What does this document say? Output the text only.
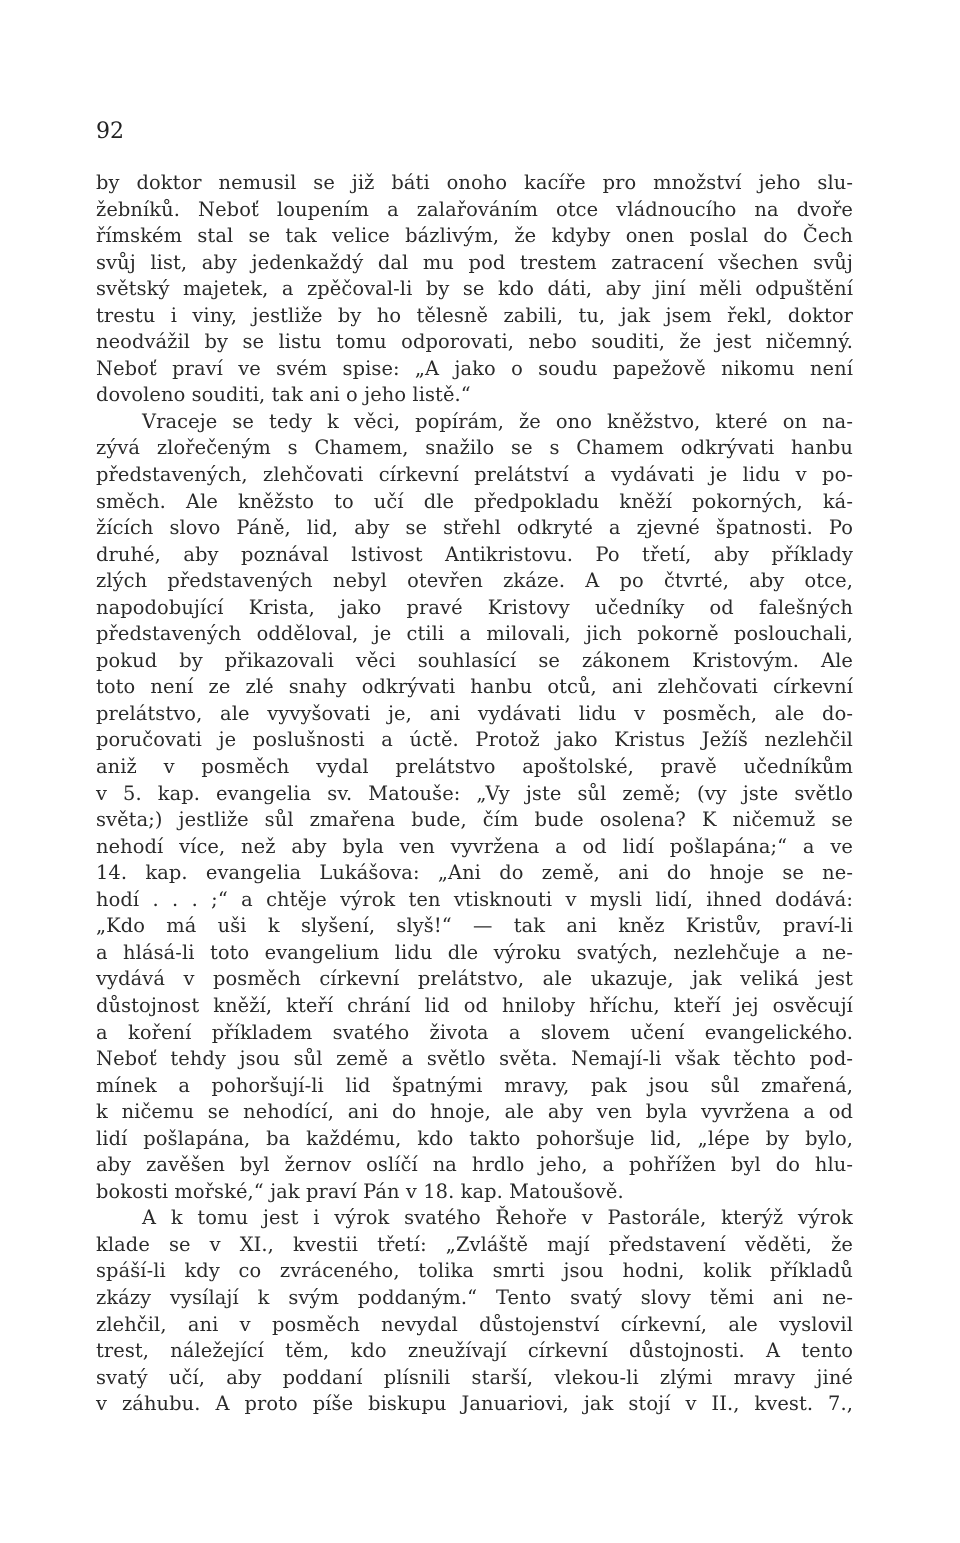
92
by doktor nemusil se již báti onoho kacíře pro množství jeho slu-
žebníků. Neboť loupením a zalařováním otce vládnoucího na dvoře
římském stal se tak velice bázlivým, že kdyby onen poslal do Čech
svůj list, aby jedenkaždý dal mu pod trestem zatracení všechen svůj
světský majetek, a zpěčoval-li by se kdo dáti, aby jiní měli odpuštění
trestu i viny, jestliže by ho tělesně zabili, tu, jak jsem řekl, doktor
neodvážil by se listu tomu odporovati, nebo souditi, že jest ničemný.
Neboť praví ve svém spise: „A jako o soudu papežově nikomu není
dovoleno souditi, tak ani o jeho listě.“
Vraceje se tedy k věci, popírám, že ono kněžstvo, které on na-
zývá zlořečeným s Chamem, snažilo se s Chamem odkrývati hanbu
představených, zlehčovati církevní prelátství a vydávati je lidu v po-
směch. Ale kněžsto to učí dle předpokladu kněží pokorných, ká-
žících slovo Páně, lid, aby se střehl odkryté a zjevné špatnosti. Po
druhé, aby poznával lstivost Antikristovu. Po třetí, aby příklady
zlých představených nebyl otevřen zkáze. A po čtvrté, aby otce,
napodobující Krista, jako pravé Kristovy učedníky od falešných
představených odděloval, je ctili a milovali, jich pokorně poslouchali,
pokud by přikazovali věci souhlasící se zákonem Kristovým. Ale
toto není ze zlé snahy odkrývati hanbu otců, ani zlehčovati církevní
prelátstvo, ale vyvyšovati je, ani vydávati lidu v posměch, ale do-
poručovati je poslušnosti a úctě. Protož jako Kristus Ježíš nezlehčil
aniž v posměch vydal prelátstvo apoštolské, pravě učedníkům
v 5. kap. evangelia sv. Matouše: „Vy jste sůl země; (vy jste světlo
světa;) jestliže sůl zmařena bude, čím bude osolena? K ničemuž se
nehodí více, než aby byla ven vyvržena a od lidí pošlapána;“ a ve
14. kap. evangelia Lukášova: „Ani do země, ani do hnoje se ne-
hodí . . . ;“ a chtěje výrok ten vtisknouti v mysli lidí, ihned dodává:
„Kdo má uši k slyšení, slyš!“ — tak ani kněz Kristův, praví-li
a hlásá-li toto evangelium lidu dle výroku svatých, nezlehčuje a ne-
vydává v posměch církevní prelátstvo, ale ukazuje, jak veliká jest
důstojnost kněží, kteří chrání lid od hniloby hříchu, kteří jej osvěcují
a koření příkladem svatého života a slovem učení evangelického.
Neboť tehdy jsou sůl země a světlo světa. Nemají-li však těchto pod-
mínek a pohoršují-li lid špatnými mravy, pak jsou sůl zmařená,
k ničemu se nehodící, ani do hnoje, ale aby ven byla vyvržena a od
lidí pošlapána, ba každému, kdo takto pohoršuje lid, „lépe by bylo,
aby zavěšen byl žernov oslíčí na hrdlo jeho, a pohřížen byl do hlu-
bokosti mořské,“ jak praví Pán v 18. kap. Matoušově.
A k tomu jest i výrok svatého Řehoře v Pastorále, kterýž výrok
klade se v XI., kvestii třetí: „Zvláště mají představení věděti, že
spáší-li kdy co zvráceného, tolika smrti jsou hodni, kolik příkladů
zkázy vysílají k svým poddaným.“ Tento svatý slovy těmi ani ne-
zlehčil, ani v posměch nevydal důstojenství církevní, ale vyslovil
trest, náležející těm, kdo zneužívají církevní důstojnosti. A tento
svatý učí, aby poddaní plísnili starší, vlekou-li zlými mravy jiné
v záhubu. A proto píše biskupu Januariovi, jak stojí v II., kvest. 7.,
